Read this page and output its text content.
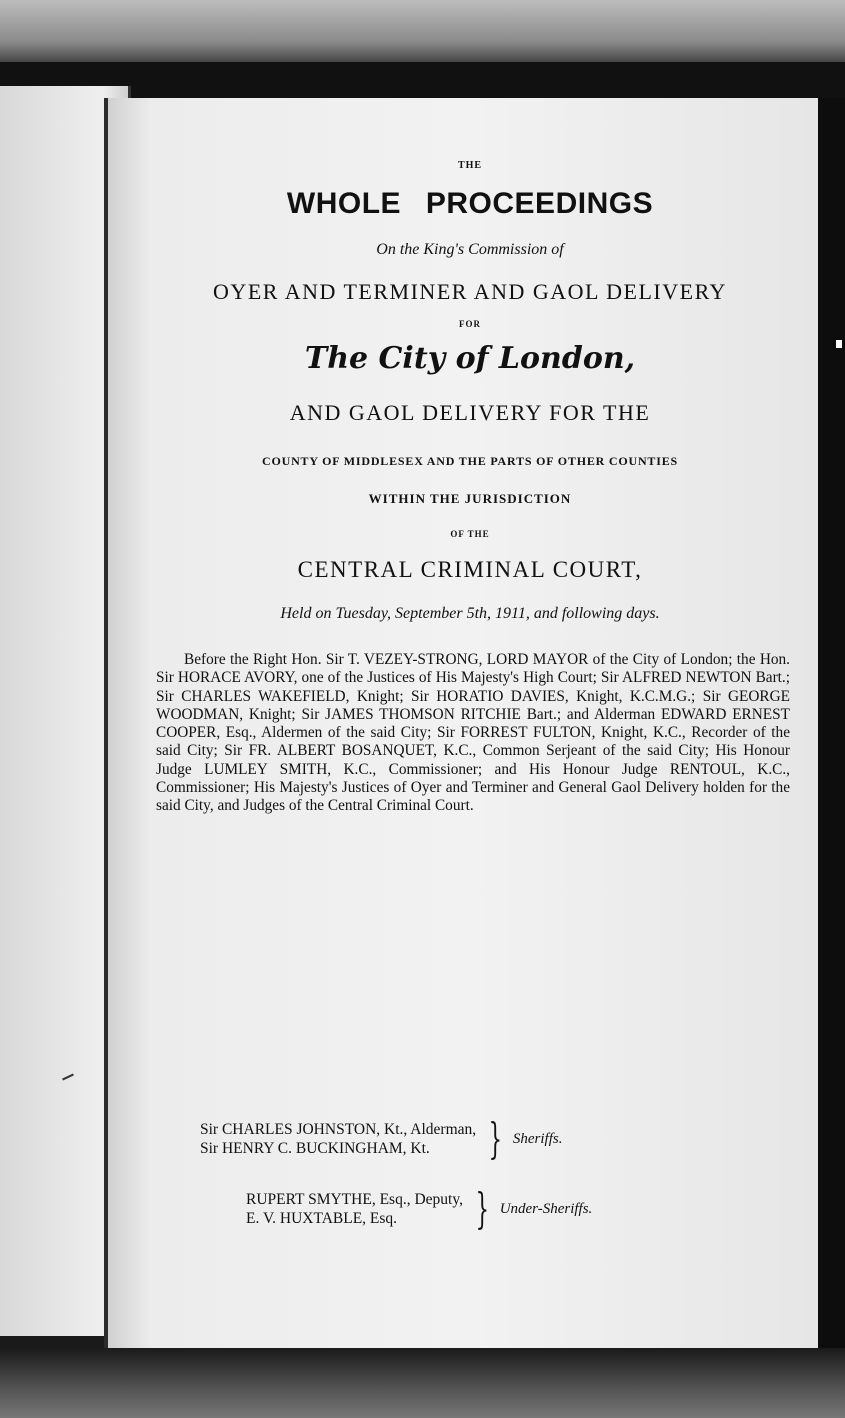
THE
WHOLE PROCEEDINGS
On the King's Commission of
OYER AND TERMINER AND GAOL DELIVERY
FOR
The City of London,
AND GAOL DELIVERY FOR THE
COUNTY OF MIDDLESEX AND THE PARTS OF OTHER COUNTIES
WITHIN THE JURISDICTION
OF THE
CENTRAL CRIMINAL COURT,
Held on Tuesday, September 5th, 1911, and following days.
Before the Right Hon. Sir T. VEZEY-STRONG, LORD MAYOR of the City of London; the Hon. Sir HORACE AVORY, one of the Justices of His Majesty's High Court; Sir ALFRED NEWTON Bart.; Sir CHARLES WAKEFIELD, Knight; Sir HORATIO DAVIES, Knight, K.C.M.G.; Sir GEORGE WOODMAN, Knight; Sir JAMES THOMSON RITCHIE Bart.; and Alderman EDWARD ERNEST COOPER, Esq., Aldermen of the said City; Sir FORREST FULTON, Knight, K.C., Recorder of the said City; Sir FR. ALBERT BOSANQUET, K.C., Common Serjeant of the said City; His Honour Judge LUMLEY SMITH, K.C., Commissioner; and His Honour Judge RENTOUL, K.C., Commissioner; His Majesty's Justices of Oyer and Terminer and General Gaol Delivery holden for the said City, and Judges of the Central Criminal Court.
Sir CHARLES JOHNSTON, Kt., Alderman,
Sir HENRY C. BUCKINGHAM, Kt.	} Sheriffs.
RUPERT SMYTHE, Esq., Deputy,
E. V. HUXTABLE, Esq.	} Under-Sheriffs.
